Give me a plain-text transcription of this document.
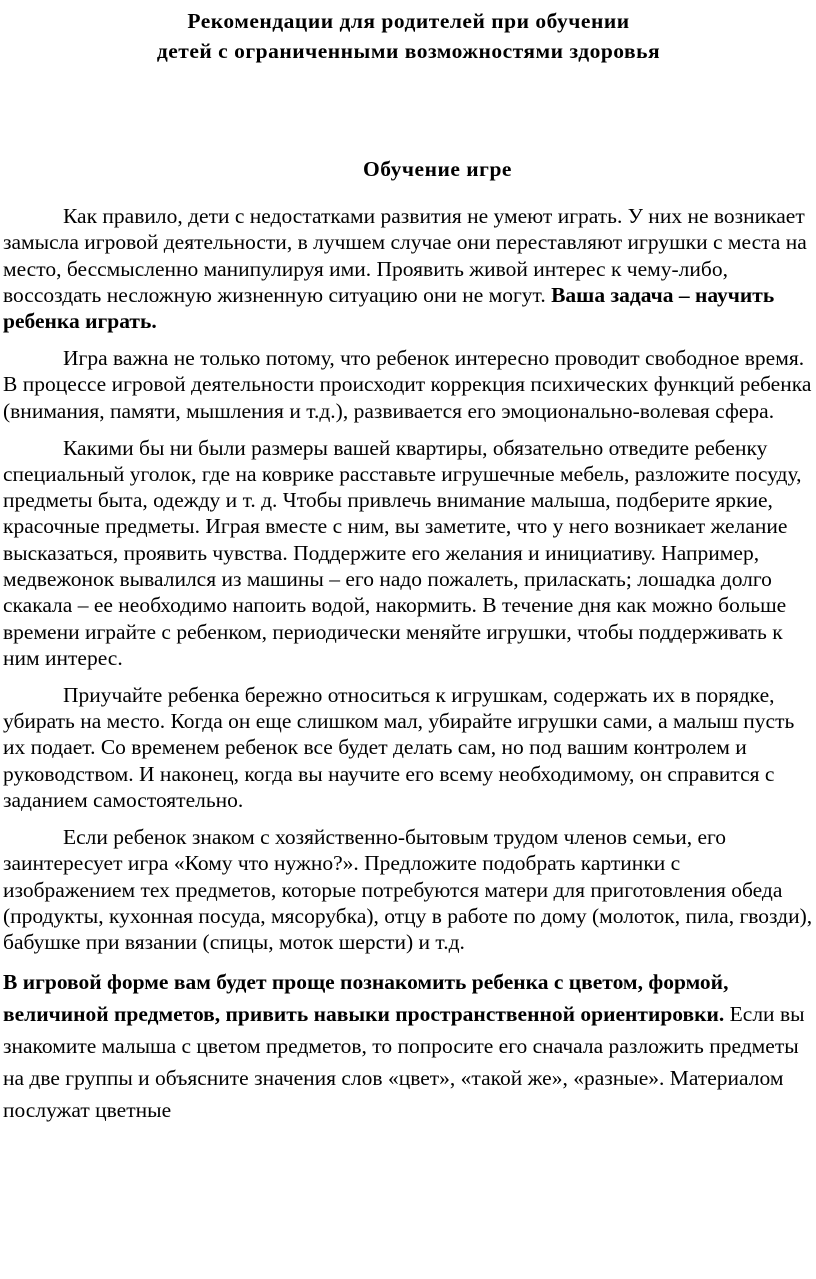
Рекомендации для родителей при обучении
детей с ограниченными возможностями здоровья
Обучение игре

Как правило, дети с недостатками развития не умеют играть. У них не возникает замысла игровой деятельности, в лучшем случае они переставляют игрушки с места на место, бессмысленно манипулируя ими. Проявить живой интерес к чему-либо, воссоздать несложную жизненную ситуацию они не могут. Ваша задача – научить ребенка играть.

Игра важна не только потому, что ребенок интересно проводит свободное время. В процессе игровой деятельности происходит коррекция психических функций ребенка (внимания, памяти, мышления и т.д.), развивается его эмоционально-волевая сфера.

Какими бы ни были размеры вашей квартиры, обязательно отведите ребенку специальный уголок, где на коврике расставьте игрушечные мебель, разложите посуду, предметы быта, одежду и т. д. Чтобы привлечь внимание малыша, подберите яркие, красочные предметы. Играя вместе с ним, вы заметите, что у него возникает желание высказаться, проявить чувства. Поддержите его желания и инициативу. Например, медвежонок вывалился из машины – его надо пожалеть, приласкать; лошадка долго скакала – ее необходимо напоить водой, накормить. В течение дня как можно больше времени играйте с ребенком, периодически меняйте игрушки, чтобы поддерживать к ним интерес.

Приучайте ребенка бережно относиться к игрушкам, содержать их в порядке, убирать на место. Когда он еще слишком мал, убирайте игрушки сами, а малыш пусть их подает. Со временем ребенок все будет делать сам, но под вашим контролем и руководством. И наконец, когда вы научите его всему необходимому, он справится с заданием самостоятельно.

Если ребенок знаком с хозяйственно-бытовым трудом членов семьи, его заинтересует игра «Кому что нужно?». Предложите подобрать картинки с изображением тех предметов, которые потребуются матери для приготовления обеда (продукты, кухонная посуда, мясорубка), отцу в работе по дому (молоток, пила, гвозди), бабушке при вязании (спицы, моток шерсти) и т.д.

В игровой форме вам будет проще познакомить ребенка с цветом, формой, величиной предметов, привить навыки пространственной ориентировки. Если вы знакомите малыша с цветом предметов, то попросите его сначала разложить предметы на две группы и объясните значения слов «цвет», «такой же», «разные». Материалом послужат цветные
